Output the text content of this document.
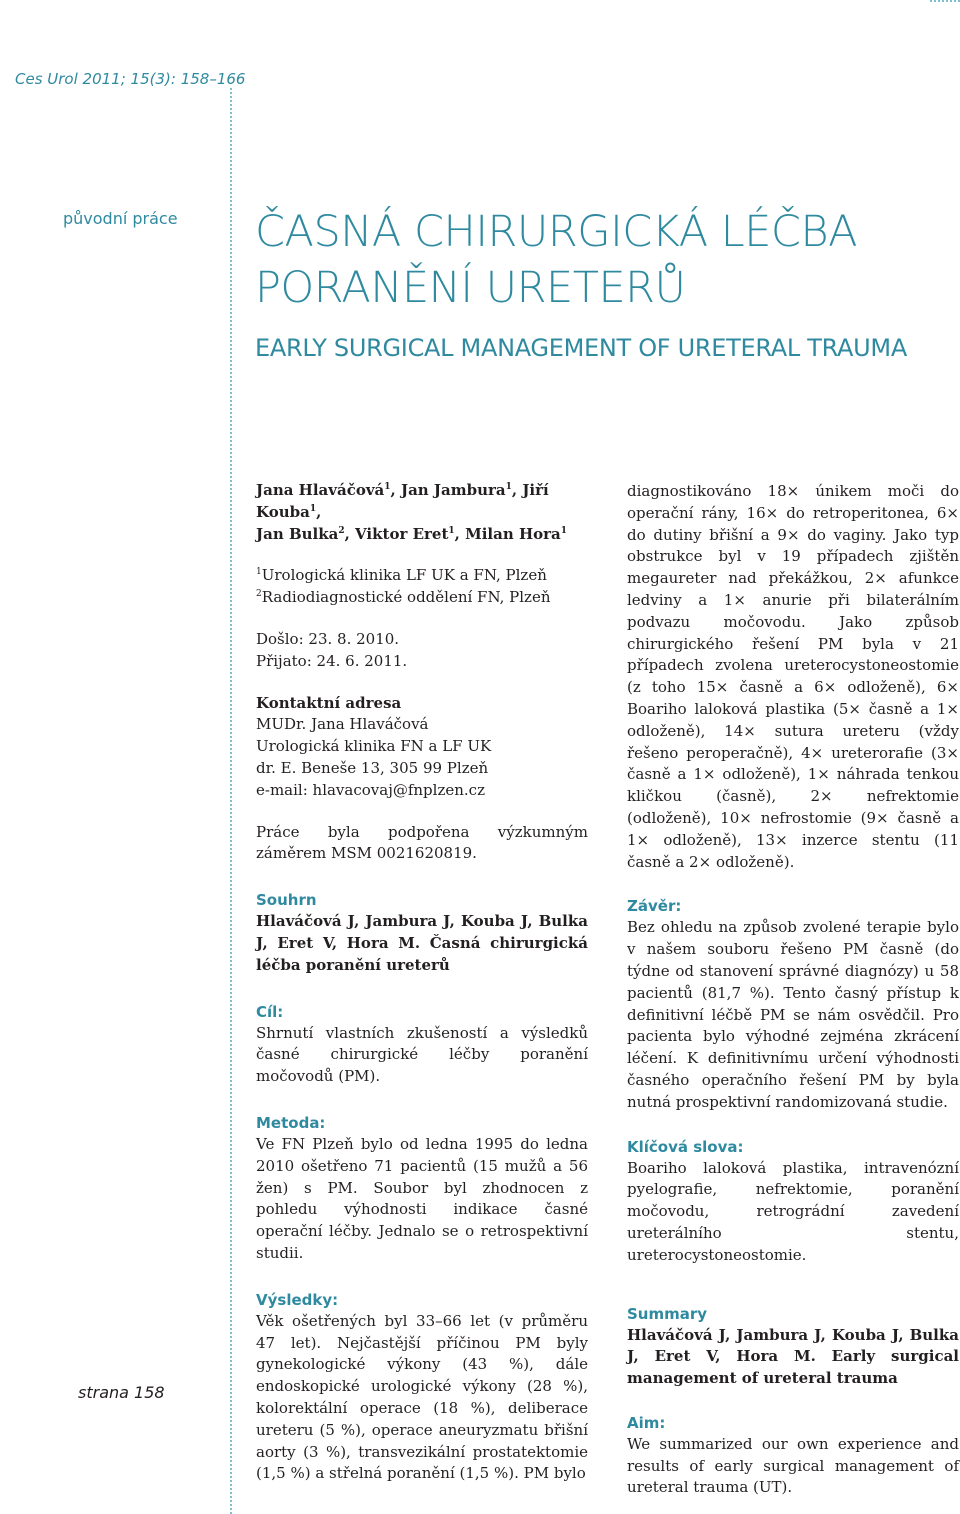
Ces Urol 2011; 15(3): 158–166
původní práce
strana 158
ČASNÁ CHIRURGICKÁ LÉČBA
PORANĚNÍ URETERŮ
EARLY SURGICAL MANAGEMENT OF URETERAL TRAUMA

Jana Hlaváčová$^1$, Jan Jambura$^1$, Jiří Kouba$^1$,
Jan Bulka$^2$, Viktor Eret$^1$, Milan Hora$^1$

$^1$Urologická klinika LF UK a FN, Plzeň
$^2$Radiodiagnostické oddělení FN, Plzeň

Došlo: 23. 8. 2010.

Přijato: 24. 6. 2011.

Kontaktní adresa

MUDr. Jana Hlaváčová

Urologická klinika FN a LF UK

dr. E. Beneše 13, 305 99 Plzeň

e-mail: hlavacovaj@fnplzen.cz

Práce byla podpořena výzkumným záměrem MSM 0021620819.

Souhrn

Hlaváčová J, Jambura J, Kouba J, Bulka J, Eret V, Hora M. Časná chirurgická léčba poranění ureterů

Cíl:

Shrnutí vlastních zkušeností a výsledků časné chirurgické léčby poranění močovodů (PM).

Metoda:

Ve FN Plzeň bylo od ledna 1995 do ledna 2010 ošetřeno 71 pacientů (15 mužů a 56 žen) s PM. Soubor byl zhodnocen z pohledu výhodnosti indikace časné operační léčby. Jednalo se o retrospektivní studii.

Výsledky:

Věk ošetřených byl 33–66 let (v průměru 47 let). Nejčastější příčinou PM byly gynekologické výkony (43 %), dále endoskopické urologické výkony (28 %), kolorektální operace (18 %), deliberace ureteru (5 %), operace aneuryzmatu břišní aorty (3 %), transvezikální prostatektomie (1,5 %) a střelná poranění (1,5 %). PM bylo

diagnostikováno 18× únikem moči do operační rány, 16× do retroperitonea, 6× do dutiny břišní a 9× do vaginy. Jako typ obstrukce byl v 19 případech zjištěn megaureter nad překážkou, 2× afunkce ledviny a 1× anurie při bilaterálním podvazu močovodu. Jako způsob chirurgického řešení PM byla v 21 případech zvolena ureterocystoneostomie (z toho 15× časně a 6× odloženě), 6× Boariho laloková plastika (5× časně a 1× odloženě), 14× sutura ureteru (vždy řešeno peroperačně), 4× ureterorafie (3× časně a 1× odloženě), 1× náhrada tenkou kličkou (časně), 2× nefrektomie (odloženě), 10× nefrostomie (9× časně a 1× odloženě), 13× inzerce stentu (11 časně a 2× odloženě).

Závěr:

Bez ohledu na způsob zvolené terapie bylo v našem souboru řešeno PM časně (do týdne od stanovení správné diagnózy) u 58 pacientů (81,7 %). Tento časný přístup k definitivní léčbě PM se nám osvědčil. Pro pacienta bylo výhodné zejména zkrácení léčení. K definitivnímu určení výhodnosti časného operačního řešení PM by byla nutná prospektivní randomizovaná studie.

Klíčová slova:

Boariho laloková plastika, intravenózní pyelografie, nefrektomie, poranění močovodu, retrográdní zavedení ureterálního stentu, ureterocystoneostomie.

Summary

Hlaváčová J, Jambura J, Kouba J, Bulka J, Eret V, Hora M. Early surgical management of ureteral trauma

Aim:

We summarized our own experience and results of early surgical management of ureteral trauma (UT).
